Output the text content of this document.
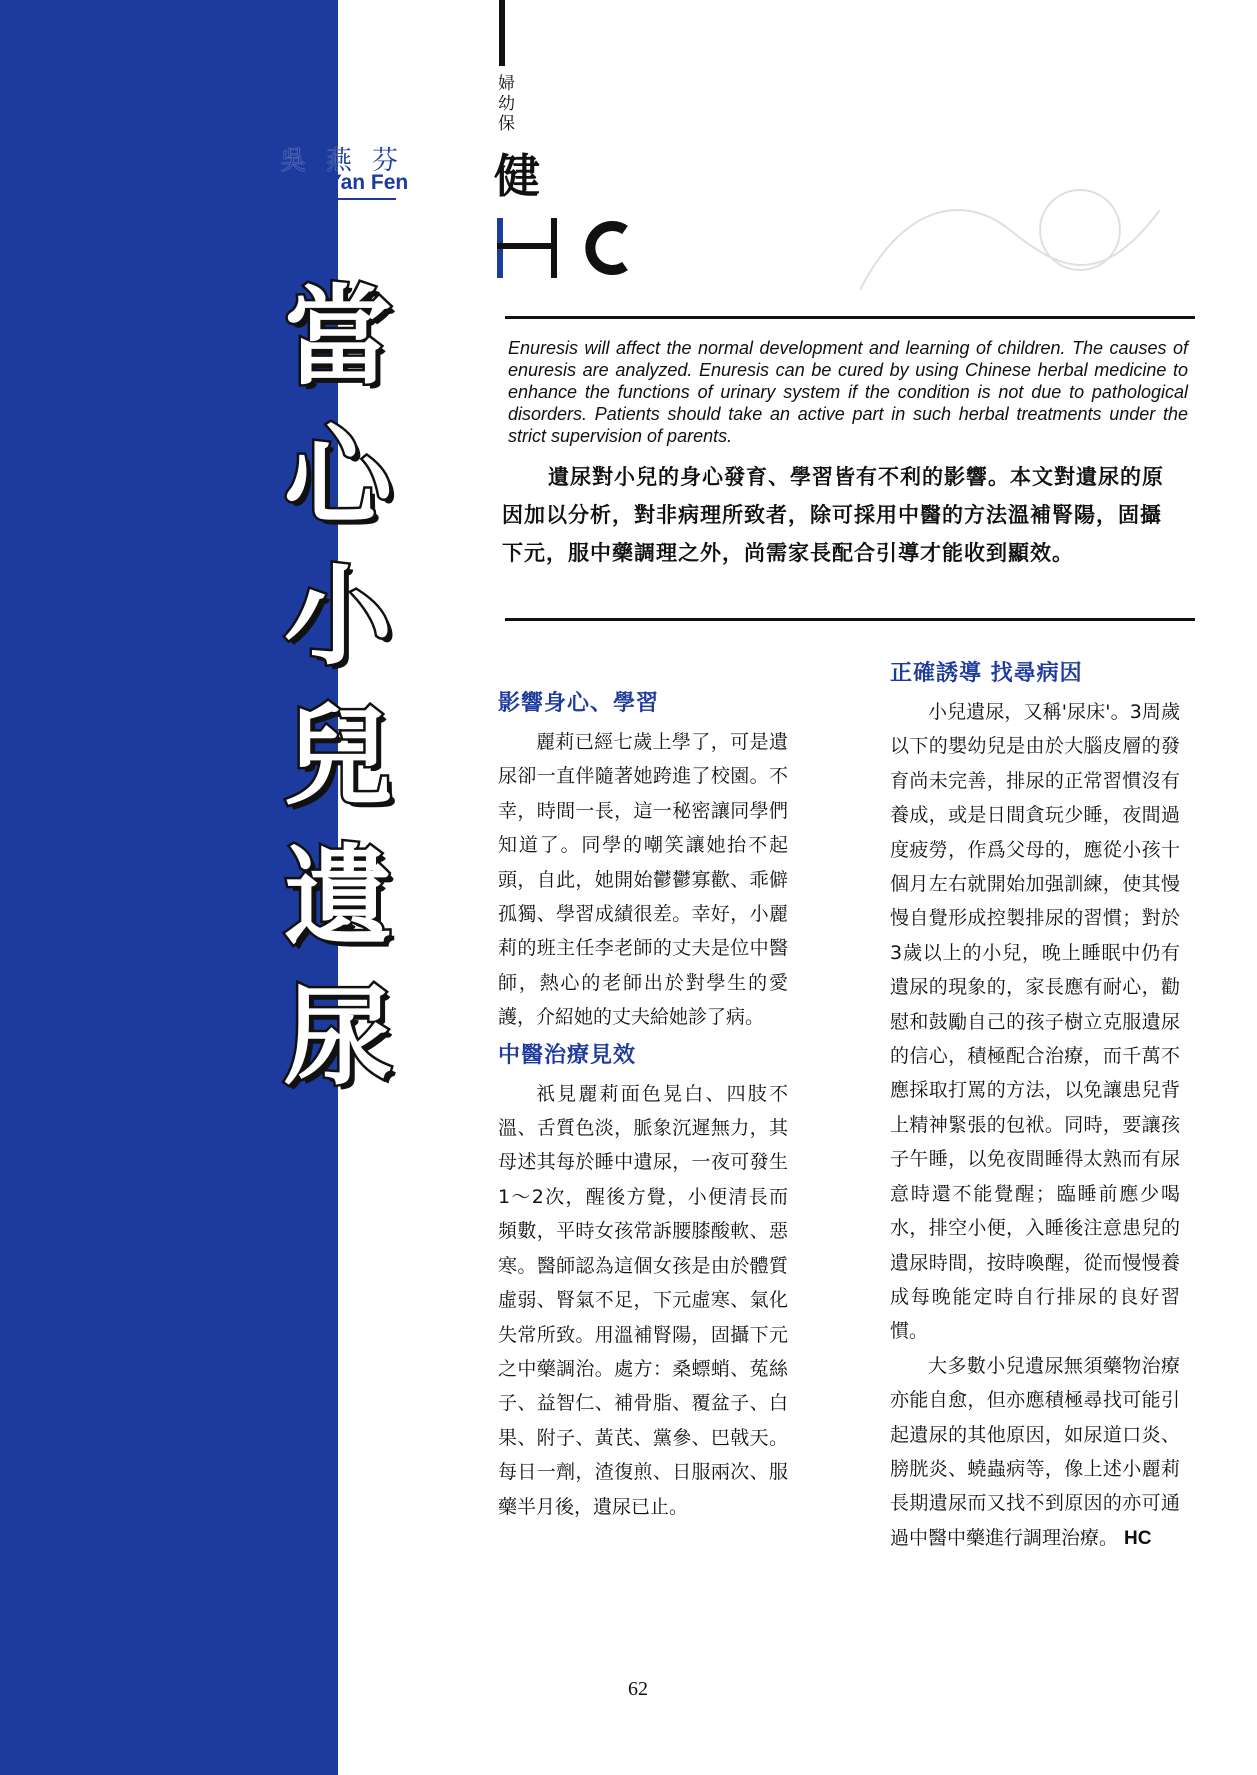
吳燕芬
Wu Yan Fen
當
心
小
兒
遺
尿
婦幼保
健
Enuresis will affect the normal development and learning of children. The causes of enuresis are analyzed. Enuresis can be cured by using Chinese herbal medicine to enhance the functions of urinary system if the condition is not due to pathological disorders. Patients should take an active part in such herbal treatments under the strict supervision of parents.
遺尿對小兒的身心發育、學習皆有不利的影響。本文對遺尿的原因加以分析，對非病理所致者，除可採用中醫的方法溫補腎陽，固攝下元，服中藥調理之外，尚需家長配合引導才能收到顯效。
影響身心、學習

麗莉已經七歲上學了，可是遺尿卻一直伴隨著她跨進了校園。不幸，時間一長，這一秘密讓同學們知道了。同學的嘲笑讓她抬不起頭，自此，她開始鬱鬱寡歡、乖僻孤獨、學習成績很差。幸好，小麗莉的班主任李老師的丈夫是位中醫師，熱心的老師出於對學生的愛護，介紹她的丈夫給她診了病。

中醫治療見效

祇見麗莉面色晃白、四肢不溫、舌質色淡，脈象沉遲無力，其母述其每於睡中遺尿，一夜可發生1～2次，醒後方覺，小便清長而頻數，平時女孩常訴腰膝酸軟、惡寒。醫師認為這個女孩是由於體質虛弱、腎氣不足，下元虛寒、氣化失常所致。用溫補腎陽，固攝下元之中藥調治。處方：桑螵蛸、菟絲子、益智仁、補骨脂、覆盆子、白果、附子、黃芪、黨參、巴戟天。每日一劑，渣復煎、日服兩次、服藥半月後，遺尿已止。

正確誘導 找尋病因

小兒遺尿，又稱'尿床'。3周歲以下的嬰幼兒是由於大腦皮層的發育尚未完善，排尿的正常習慣沒有養成，或是日間貪玩少睡，夜間過度疲勞，作爲父母的，應從小孩十個月左右就開始加强訓練，使其慢慢自覺形成控製排尿的習慣；對於3歲以上的小兒，晚上睡眠中仍有遺尿的現象的，家長應有耐心，勸慰和鼓勵自己的孩子樹立克服遺尿的信心，積極配合治療，而千萬不應採取打罵的方法，以免讓患兒背上精神緊張的包袱。同時，要讓孩子午睡，以免夜間睡得太熟而有尿意時還不能覺醒；臨睡前應少喝水，排空小便，入睡後注意患兒的遺尿時間，按時喚醒，從而慢慢養成每晚能定時自行排尿的良好習慣。

大多數小兒遺尿無須藥物治療亦能自愈，但亦應積極尋找可能引起遺尿的其他原因，如尿道口炎、膀胱炎、蟯蟲病等，像上述小麗莉長期遺尿而又找不到原因的亦可通過中醫中藥進行調理治療。 HC

62
